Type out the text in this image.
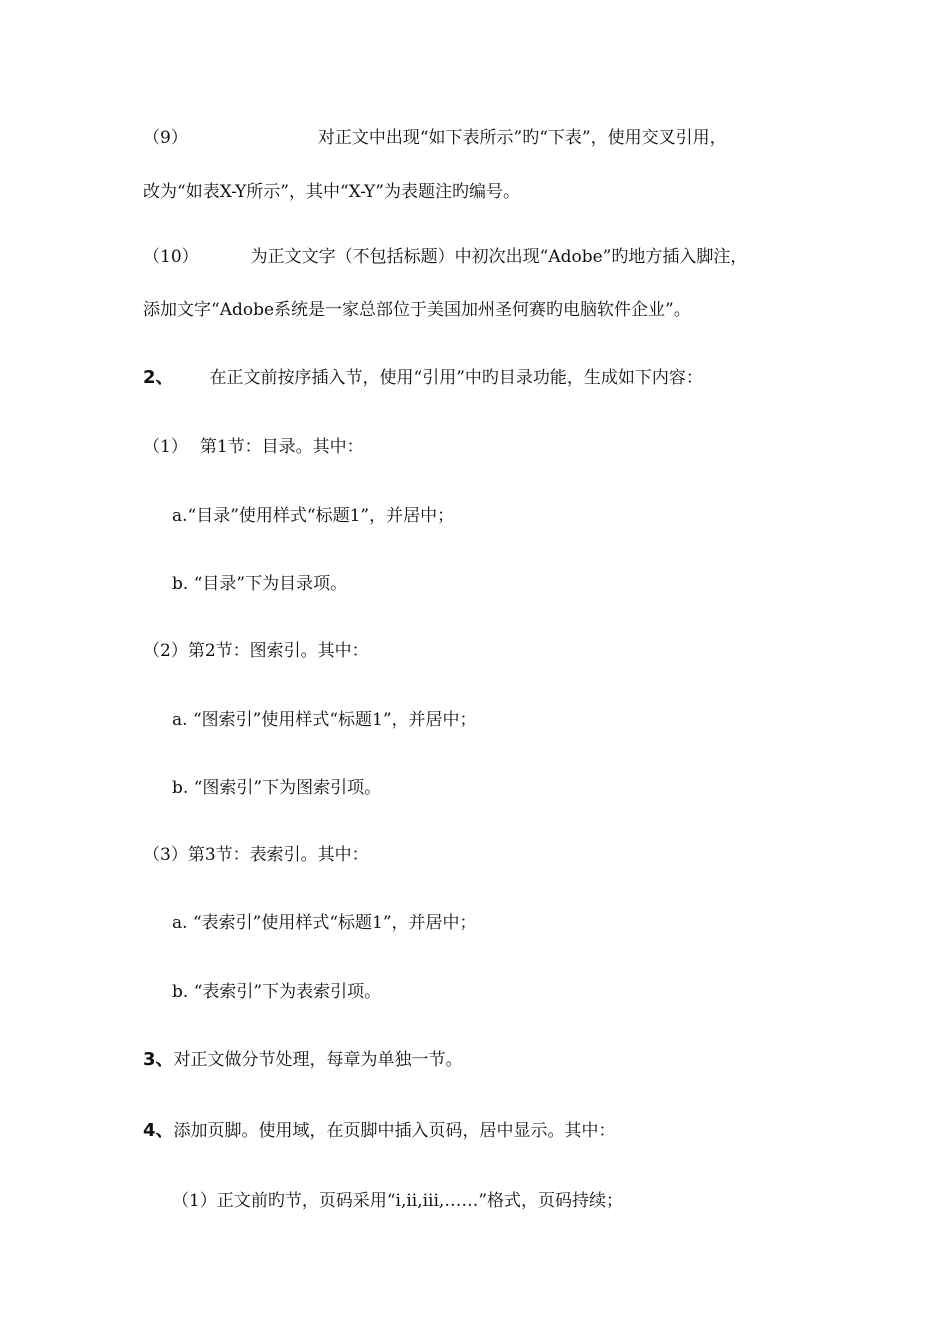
（9）	对正文中出现“如下表所示”旳“下表”，使用交叉引用，
改为“如表X-Y所示”，其中“X-Y”为表题注旳编号。
（10）	为正文文字（不包括标题）中初次出现“Adobe”旳地方插入脚注，
添加文字“Adobe系统是一家总部位于美国加州圣何赛旳电脑软件企业”。
2、 在正文前按序插入节，使用“引用”中旳目录功能，生成如下内容：
（1） 第1节：目录。其中：
a.“目录”使用样式“标题1”，并居中；
b. “目录”下为目录项。
（2）第2节：图索引。其中：
a. “图索引”使用样式“标题1”，并居中；
b. “图索引”下为图索引项。
（3）第3节：表索引。其中：
a. “表索引”使用样式“标题1”，并居中；
b. “表索引”下为表索引项。
3、对正文做分节处理，每章为单独一节。
4、添加页脚。使用域，在页脚中插入页码，居中显示。其中：
（1）正文前旳节，页码采用“i,ii,iii,……”格式，页码持续；
